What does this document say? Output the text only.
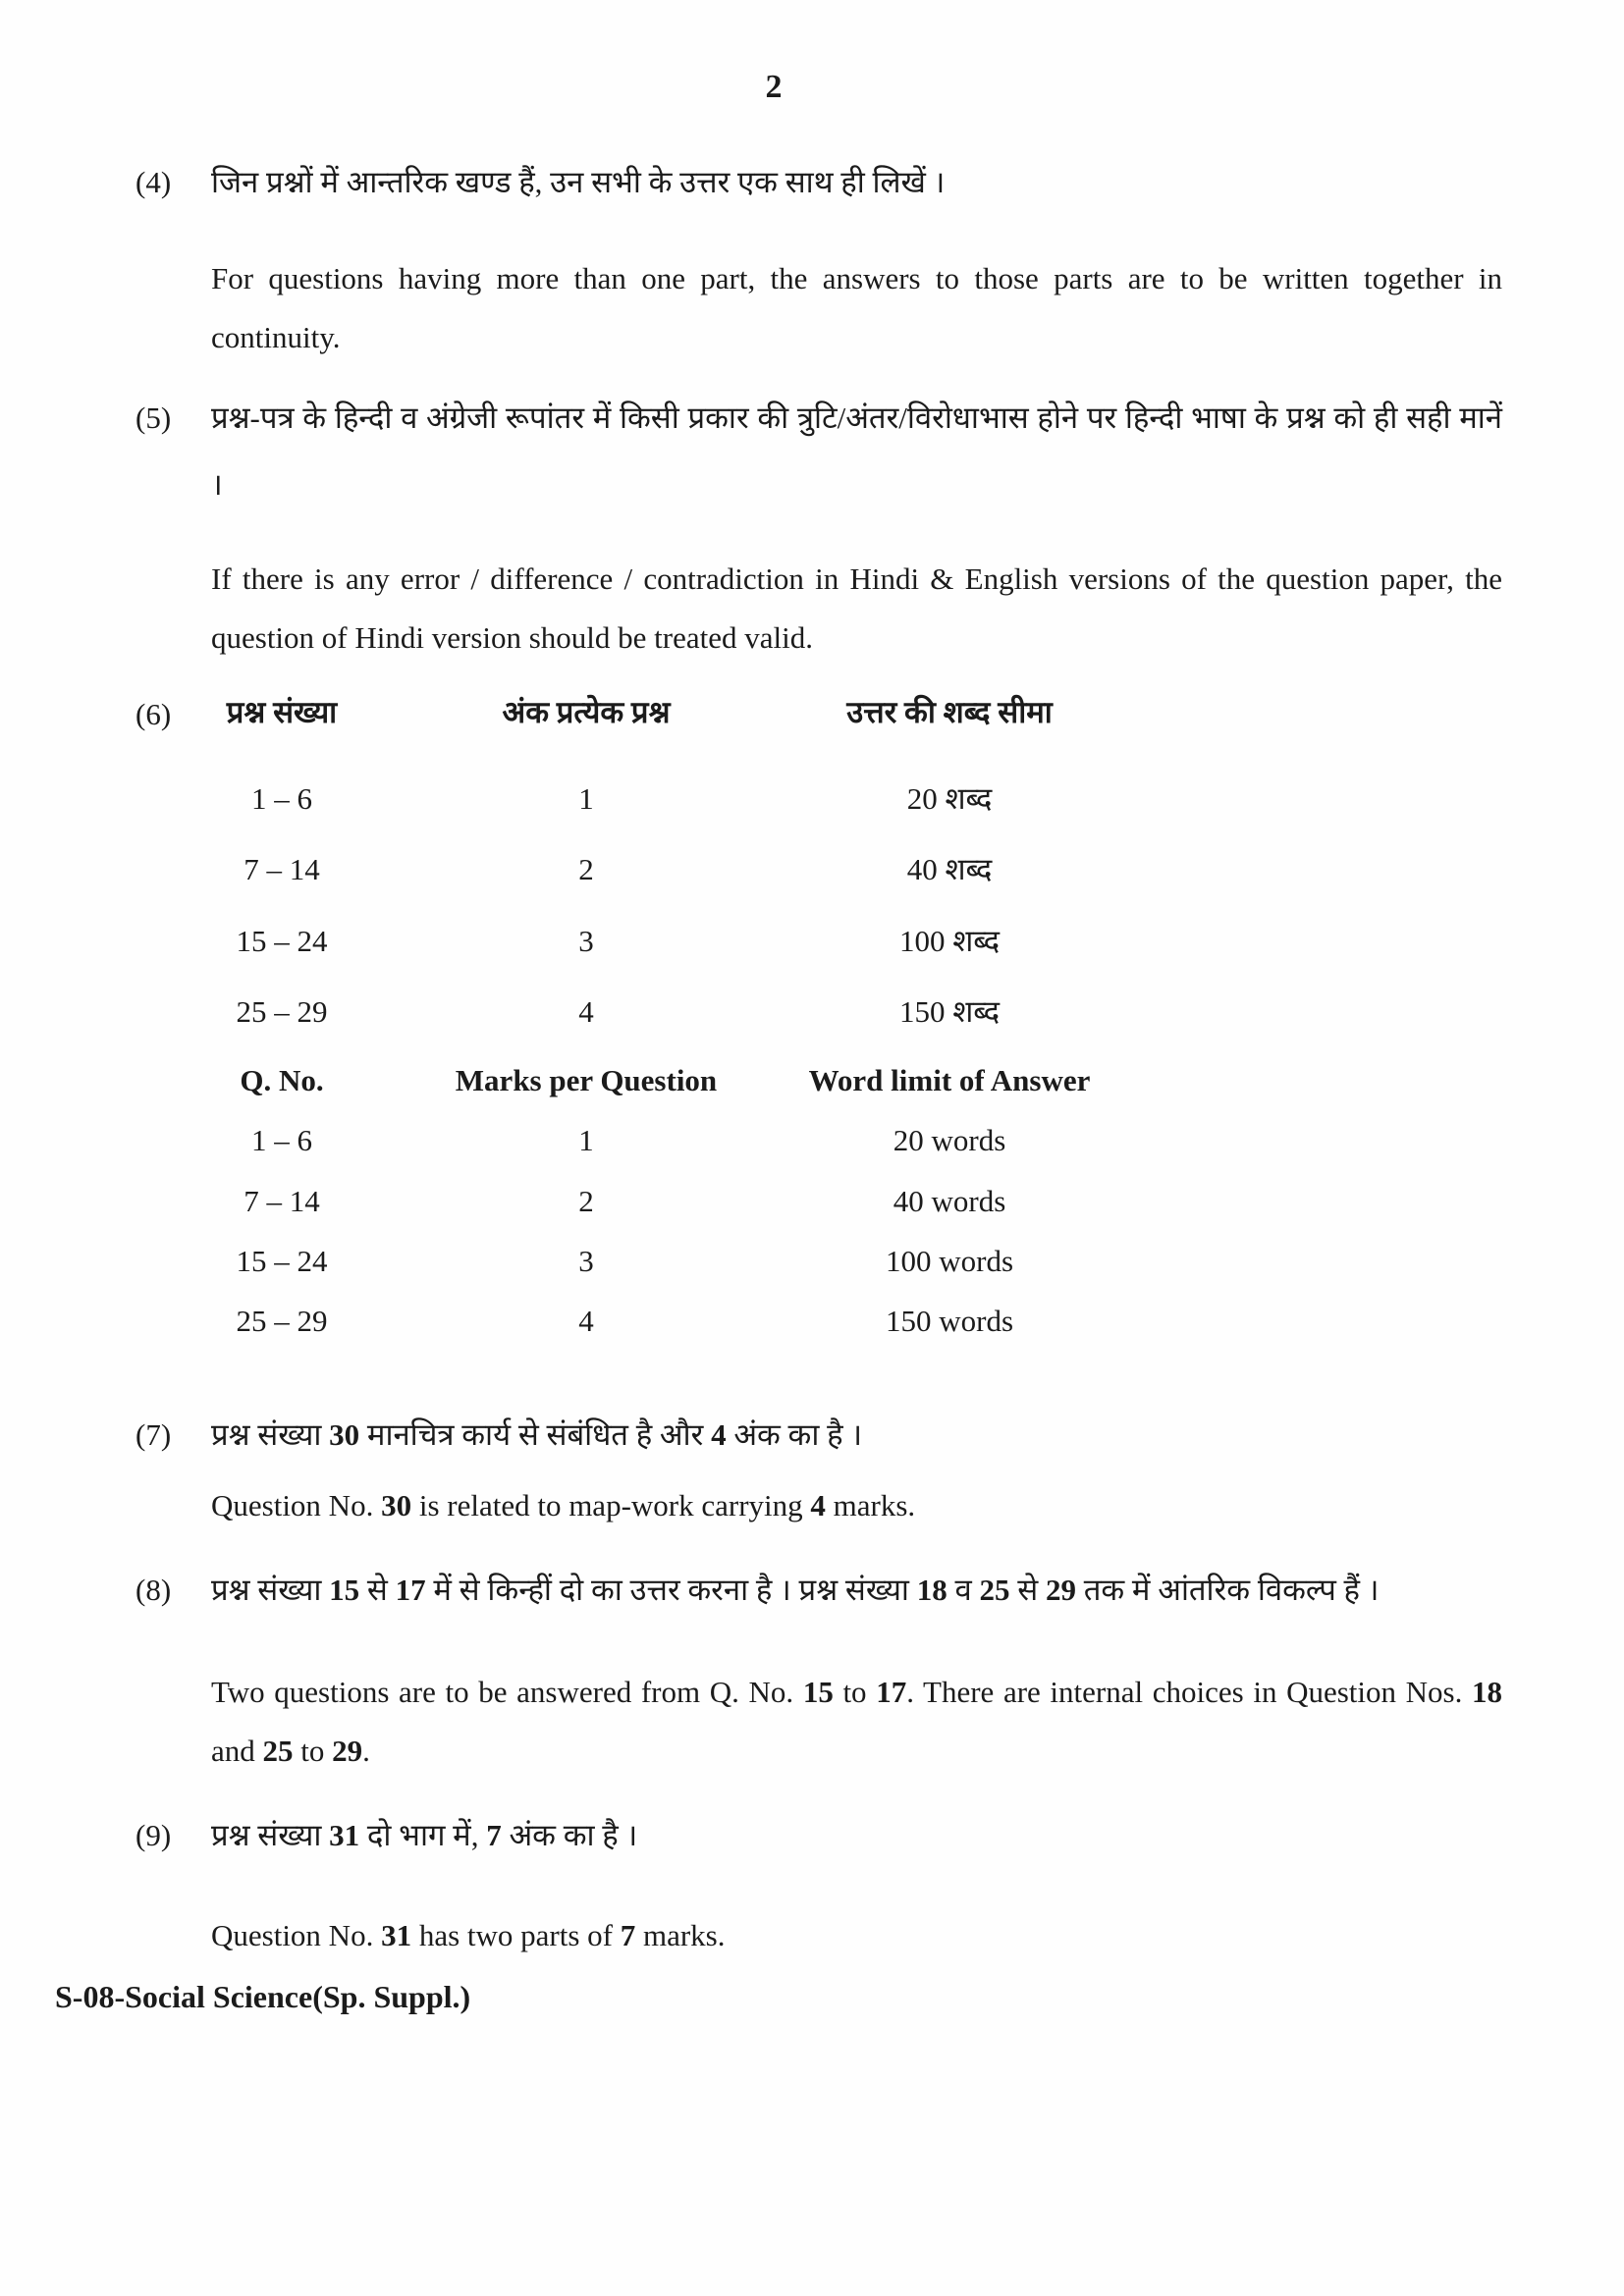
2
(4) जिन प्रश्नों में आन्तरिक खण्ड हैं, उन सभी के उत्तर एक साथ ही लिखें ।
For questions having more than one part, the answers to those parts are to be written together in continuity.
(5) प्रश्न-पत्र के हिन्दी व अंग्रेजी रूपांतर में किसी प्रकार की त्रुटि/अंतर/विरोधाभास होने पर हिन्दी भाषा के प्रश्न को ही सही मानें ।
If there is any error / difference / contradiction in Hindi & English versions of the question paper, the question of Hindi version should be treated valid.
(6)	प्रश्न संख्या	अंक प्रत्येक प्रश्न	उत्तर की शब्द सीमा
1 – 6	1	20 शब्द
7 – 14	2	40 शब्द
15 – 24	3	100 शब्द
25 – 29	4	150 शब्द
Q. No.	Marks per Question	Word limit of Answer
1 – 6	1	20 words
7 – 14	2	40 words
15 – 24	3	100 words
25 – 29	4	150 words
(7) प्रश्न संख्या 30 मानचित्र कार्य से संबंधित है और 4 अंक का है ।
Question No. 30 is related to map-work carrying 4 marks.
(8) प्रश्न संख्या 15 से 17 में से किन्हीं दो का उत्तर करना है । प्रश्न संख्या 18 व 25 से 29 तक में आंतरिक विकल्प हैं ।
Two questions are to be answered from Q. No. 15 to 17. There are internal choices in Question Nos. 18 and 25 to 29.
(9) प्रश्न संख्या 31 दो भाग में, 7 अंक का है ।
Question No. 31 has two parts of 7 marks.
S-08-Social Science(Sp. Suppl.)
